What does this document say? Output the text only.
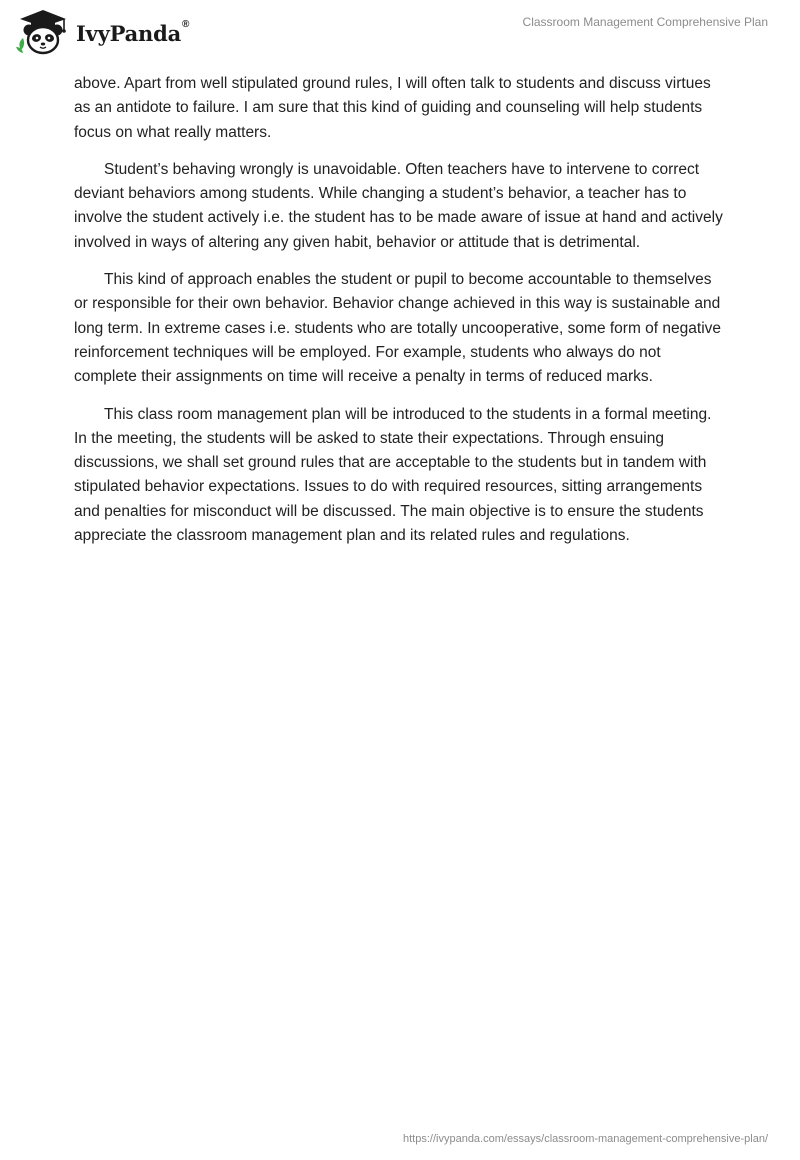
IvyPanda®	Classroom Management Comprehensive Plan

above. Apart from well stipulated ground rules, I will often talk to students and discuss virtues as an antidote to failure. I am sure that this kind of guiding and counseling will help students focus on what really matters.

Student’s behaving wrongly is unavoidable. Often teachers have to intervene to correct deviant behaviors among students. While changing a student’s behavior, a teacher has to involve the student actively i.e. the student has to be made aware of issue at hand and actively involved in ways of altering any given habit, behavior or attitude that is detrimental.

This kind of approach enables the student or pupil to become accountable to themselves or responsible for their own behavior. Behavior change achieved in this way is sustainable and long term. In extreme cases i.e. students who are totally uncooperative, some form of negative reinforcement techniques will be employed. For example, students who always do not complete their assignments on time will receive a penalty in terms of reduced marks.

This class room management plan will be introduced to the students in a formal meeting. In the meeting, the students will be asked to state their expectations. Through ensuing discussions, we shall set ground rules that are acceptable to the students but in tandem with stipulated behavior expectations. Issues to do with required resources, sitting arrangements and penalties for misconduct will be discussed. The main objective is to ensure the students appreciate the classroom management plan and its related rules and regulations.

https://ivypanda.com/essays/classroom-management-comprehensive-plan/
